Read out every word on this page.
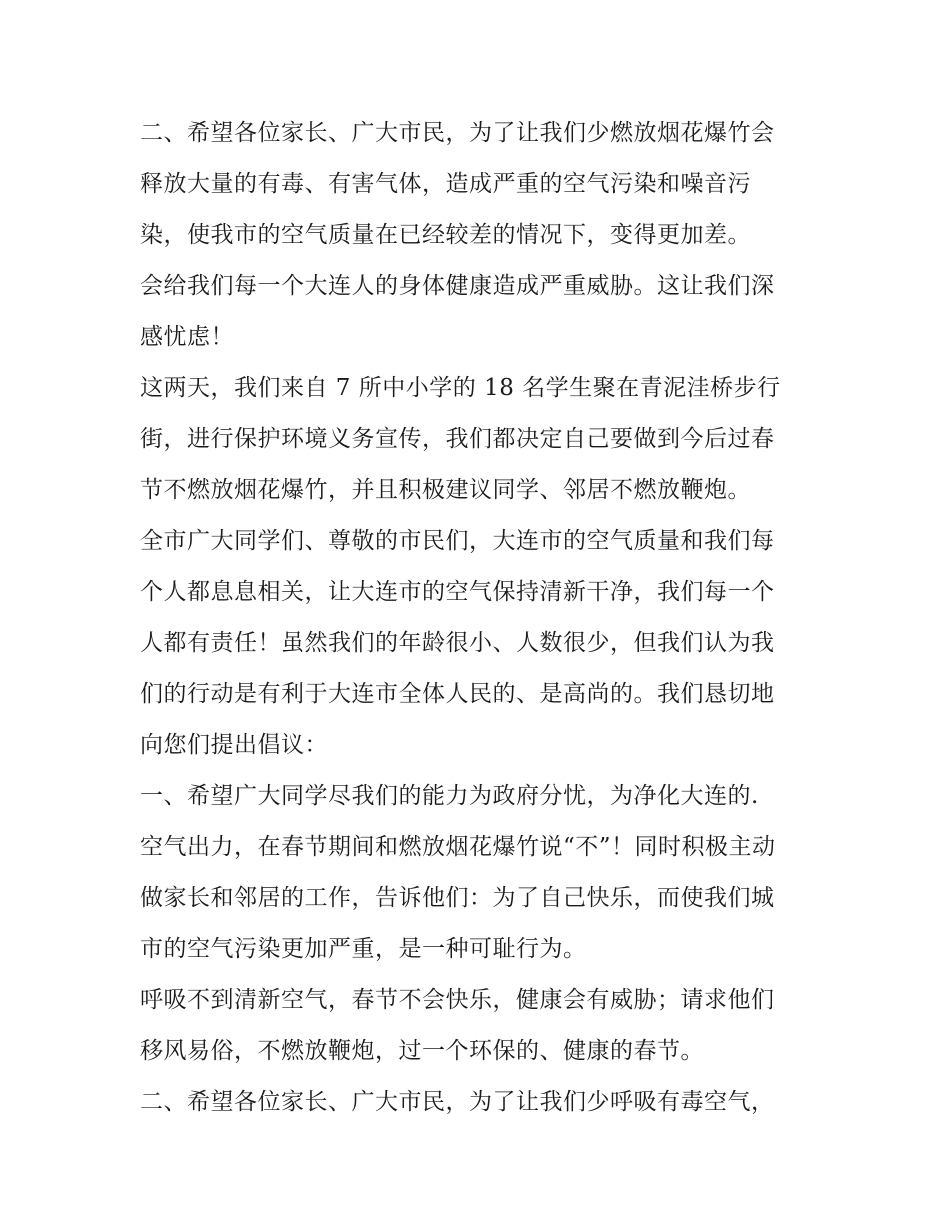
二、希望各位家长、广大市民，为了让我们少燃放烟花爆竹会
释放大量的有毒、有害气体，造成严重的空气污染和噪音污
染，使我市的空气质量在已经较差的情况下，变得更加差。
会给我们每一个大连人的身体健康造成严重威胁。这让我们深
感忧虑！
这两天，我们来自 7 所中小学的 18 名学生聚在青泥洼桥步行
街，进行保护环境义务宣传，我们都决定自己要做到今后过春
节不燃放烟花爆竹，并且积极建议同学、邻居不燃放鞭炮。
全市广大同学们、尊敬的市民们，大连市的空气质量和我们每
个人都息息相关，让大连市的空气保持清新干净，我们每一个
人都有责任！虽然我们的年龄很小、人数很少，但我们认为我
们的行动是有利于大连市全体人民的、是高尚的。我们恳切地
向您们提出倡议：
一、希望广大同学尽我们的能力为政府分忧，为净化大连的.
空气出力，在春节期间和燃放烟花爆竹说“不”！同时积极主动
做家长和邻居的工作，告诉他们：为了自己快乐，而使我们城
市的空气污染更加严重，是一种可耻行为。
呼吸不到清新空气，春节不会快乐，健康会有威胁；请求他们
移风易俗，不燃放鞭炮，过一个环保的、健康的春节。
二、希望各位家长、广大市民，为了让我们少呼吸有毒空气，
